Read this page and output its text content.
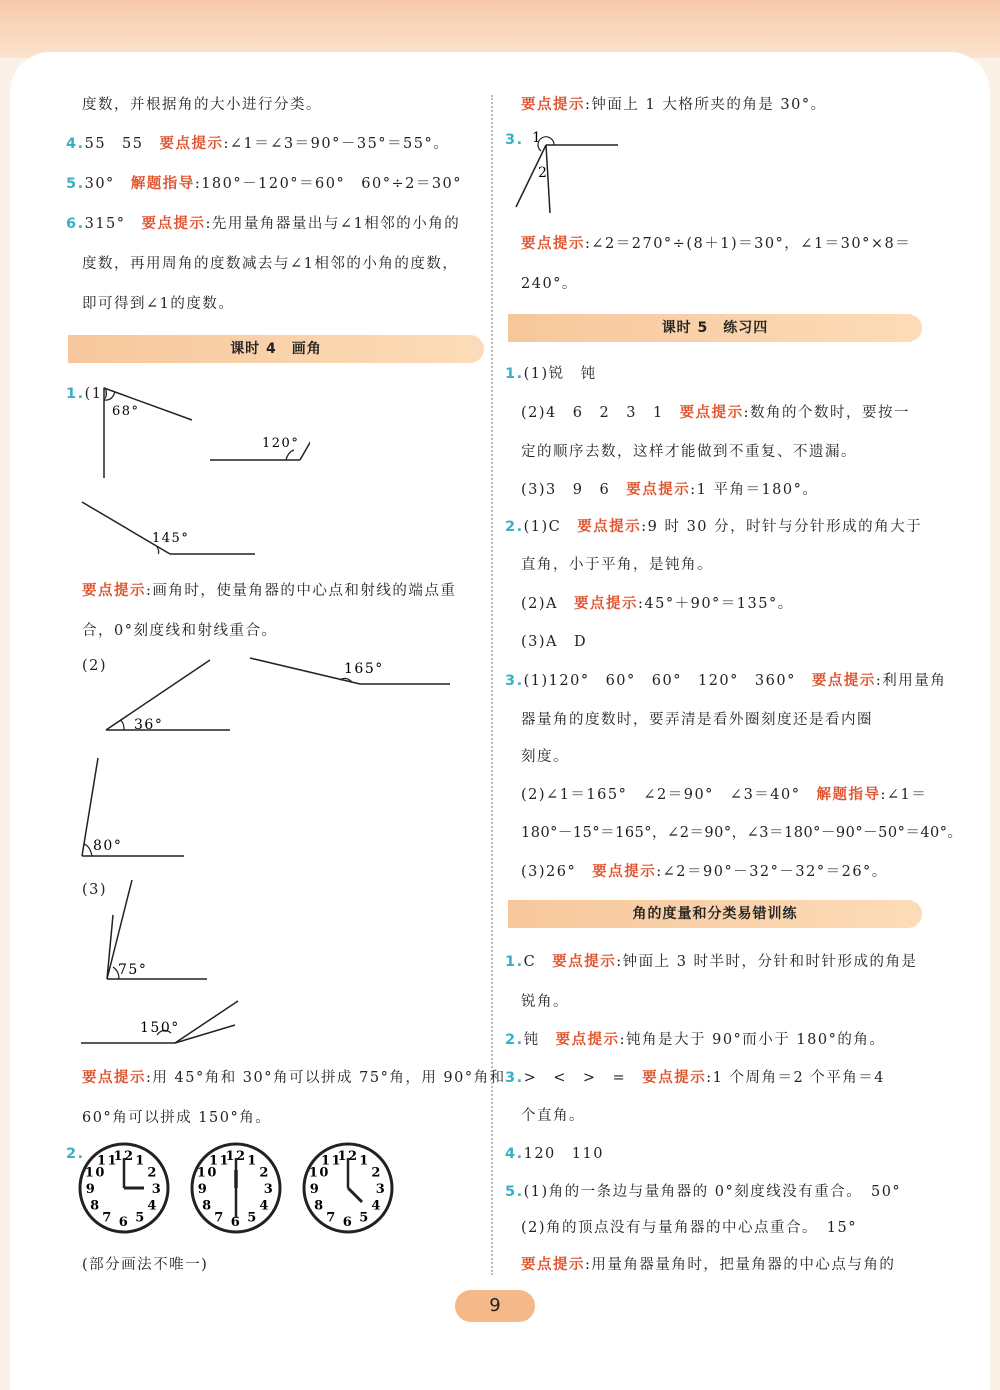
度数，并根据角的大小进行分类。
4.55　55　要点提示:∠1＝∠3＝90°－35°＝55°。
5.30°　解题指导:180°－120°＝60°　60°÷2＝30°
6.315°　要点提示:先用量角器量出与∠1相邻的小角的
度数，再用周角的度数减去与∠1相邻的小角的度数，
即可得到∠1的度数。
课时 4　画角
1.(1)
68°
120°
145°
要点提示:画角时，使量角器的中心点和射线的端点重
合，0°刻度线和射线重合。
(2)
36°
165°
80°
(3)
75°
150°
要点提示:用 45°角和 30°角可以拼成 75°角，用 90°角和
60°角可以拼成 150°角。
2. 12 1
2
3
4
5
6
7
8
9
10
11	12 1
2
3
4
5
6
7
8
9
10
11	12 1
2
3
4
5
6
7
8
9
10
11
(部分画法不唯一)
要点提示:钟面上 1 大格所夹的角是 30°。
3. 1
2
要点提示:∠2＝270°÷(8＋1)＝30°，∠1＝30°×8＝
240°。
课时 5　练习四
1.(1)锐　钝
(2)4　6　2　3　1　要点提示:数角的个数时，要按一
定的顺序去数，这样才能做到不重复、不遗漏。
(3)3　9　6　要点提示:1 平角＝180°。
2.(1)C　要点提示:9 时 30 分，时针与分针形成的角大于
直角，小于平角，是钝角。
(2)A　要点提示:45°＋90°＝135°。
(3)A　D
3.(1)120°　60°　60°　120°　360°　要点提示:利用量角
器量角的度数时，要弄清是看外圈刻度还是看内圈
刻度。
(2)∠1＝165°　∠2＝90°　∠3＝40°　解题指导:∠1＝
180°－15°＝165°，∠2＝90°，∠3＝180°－90°－50°＝40°。
(3)26°　要点提示:∠2＝90°－32°－32°＝26°。
角的度量和分类易错训练
1.C　要点提示:钟面上 3 时半时，分针和时针形成的角是
锐角。
2.钝　要点提示:钝角是大于 90°而小于 180°的角。
3.>　<　>　=　要点提示:1 个周角＝2 个平角＝4
个直角。
4.120　110
5.(1)角的一条边与量角器的 0°刻度线没有重合。　50°
(2)角的顶点没有与量角器的中心点重合。　15°
要点提示:用量角器量角时，把量角器的中心点与角的
9
